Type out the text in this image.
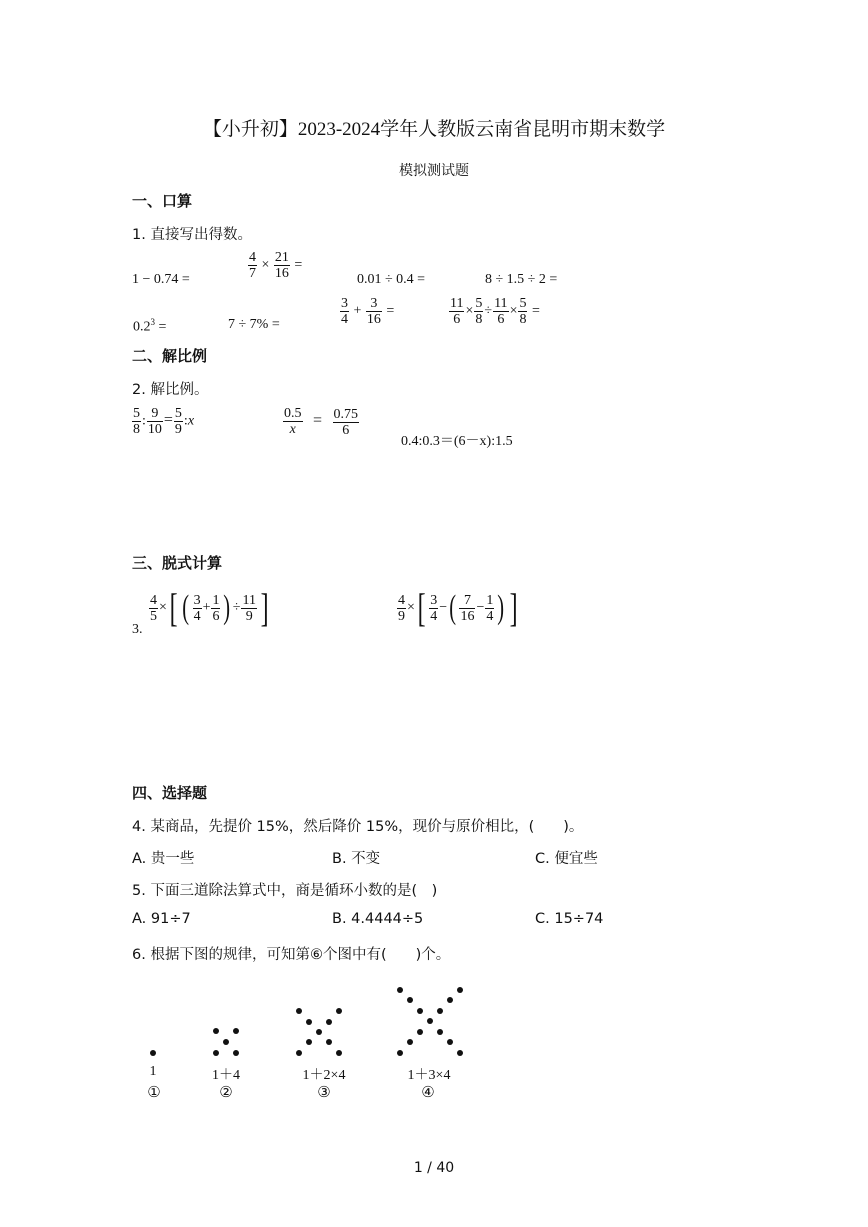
【小升初】2023-2024学年人教版云南省昆明市期末数学
模拟测试题
一、口算
1. 直接写出得数。
1 − 0.74 =	$\frac{4}{7} \times \frac{21}{16}$ =
0.01 ÷ 0.4 =	8 ÷ 1.5 ÷ 2 =
$0.2^3$ =	7 ÷ 7% =	$\frac{3}{4} + \frac{3}{16}$ =	$\frac{11}{6} \times \frac{5}{8} \div \frac{11}{6} \times \frac{5}{8}$ =
二、解比例
2. 解比例。
$\frac{5}{8}$ : $\frac{9}{10} = \frac{5}{9}$ :x	$\frac{0.5}{x} = \frac{0.75}{6}$
0.4:0.3＝(6－x):1.5
三、脱式计算
3.
$\frac{4}{5}$ ×[ ( $\frac{3}{4} + \frac{1}{6}$ ) ÷ $\frac{11}{9}$ ]	$\frac{4}{9}$ ×[ $\frac{3}{4}$ −( $\frac{7}{16} - \frac{1}{4}$ ) ]
四、选择题
4. 某商品，先提价 15%，然后降价 15%，现价与原价相比，(　　)。
A. 贵一些	B. 不变	C. 便宜些
5. 下面三道除法算式中，商是循环小数的是(　)
A. 91÷7	B. 4.4444÷5	C. 15÷74
6. 根据下图的规律，可知第⑥个图中有(　　)个。
1	1＋4	1＋2×4	1＋3×4
①	②	③	④
1 / 40
